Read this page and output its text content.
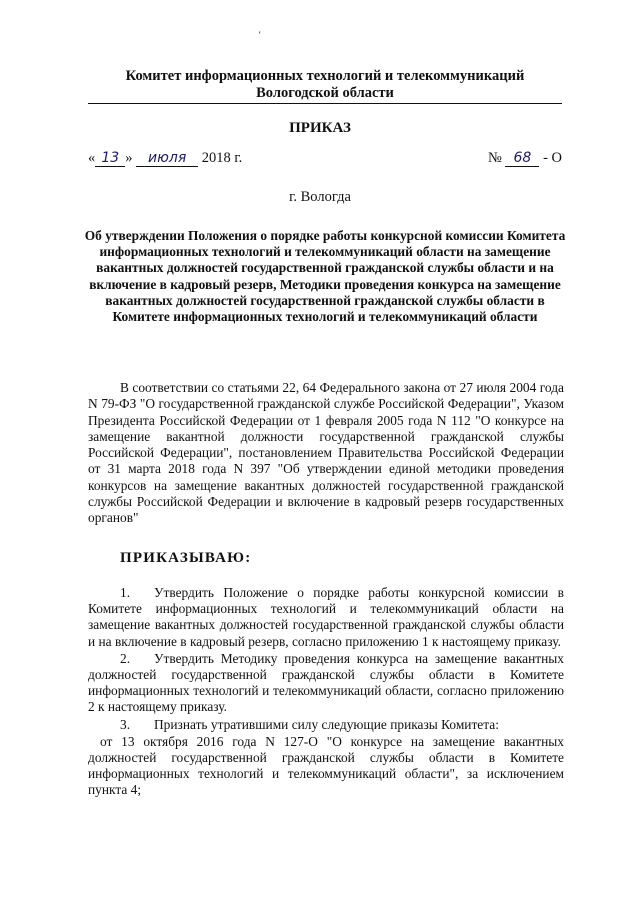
ʻ
Комитет информационных технологий и телекоммуникаций
Вологодской области
ПРИКАЗ
« 13 » июля 2018 г.	№ 68 - О
г. Вологда
Об утверждении Положения о порядке работы конкурсной комиссии Комитета информационных технологий и телекоммуникаций области на замещение вакантных должностей государственной гражданской службы области и на включение в кадровый резерв, Методики проведения конкурса на замещение вакантных должностей государственной гражданской службы области в Комитете информационных технологий и телекоммуникаций области
В соответствии со статьями 22, 64 Федерального закона от 27 июля 2004 года N 79-ФЗ "О государственной гражданской службе Российской Федерации", Указом Президента Российской Федерации от 1 февраля 2005 года N 112 "О конкурсе на замещение вакантной должности государственной гражданской службы Российской Федерации", постановлением Правительства Российской Федерации от 31 марта 2018 года N 397 "Об утверждении единой методики проведения конкурсов на замещение вакантных должностей государственной гражданской службы Российской Федерации и включение в кадровый резерв государственных органов"
ПРИКАЗЫВАЮ:
1. Утвердить Положение о порядке работы конкурсной комиссии в Комитете информационных технологий и телекоммуникаций области на замещение вакантных должностей государственной гражданской службы области и на включение в кадровый резерв, согласно приложению 1 к настоящему приказу.
2. Утвердить Методику проведения конкурса на замещение вакантных должностей государственной гражданской службы области в Комитете информационных технологий и телекоммуникаций области, согласно приложению 2 к настоящему приказу.
3. Признать утратившими силу следующие приказы Комитета:
от 13 октября 2016 года N 127-О "О конкурсе на замещение вакантных должностей государственной гражданской службы области в Комитете информационных технологий и телекоммуникаций области", за исключением пункта 4;
